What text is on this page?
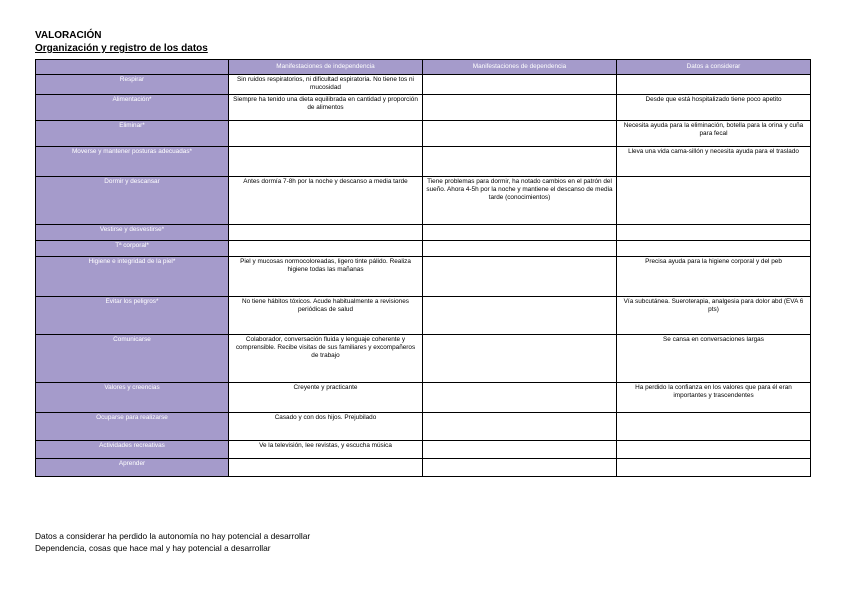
VALORACIÓN
Organización y registro de los datos
	Manifestaciones de independencia	Manifestaciones de dependencia	Datos a considerar
Respirar	Sin ruidos respiratorios, ni dificultad espiratoria. No tiene tos ni mucosidad		
Alimentación*	Siempre ha tenido una dieta equilibrada en cantidad y proporción de alimentos		Desde que está hospitalizado tiene poco apetito
Eliminar*			Necesita ayuda para la eliminación, botella para la orina y cuña para fecal
Moverse y mantener posturas adecuadas*			Lleva una vida cama-sillón y necesita ayuda para el traslado
Dormir y descansar	Antes dormía 7-8h por la noche y descanso a media tarde	Tiene problemas para dormir, ha notado cambios en el patrón del sueño. Ahora 4-5h por la noche y mantiene el descanso de media tarde (conocimientos)	
Vestirse y desvestirse*			
Tª corporal*			
Higiene e integridad de la piel*	Piel y mucosas normocoloreadas, ligero tinte pálido. Realiza higiene todas las mañanas		Precisa ayuda para la higiene corporal y del peb
Evitar los peligros*	No tiene hábitos tóxicos. Acude habitualmente a revisiones periódicas de salud		Vía subcutánea. Sueroterapia, analgesia para dolor abd (EVA 6 pts)
Comunicarse	Colaborador, conversación fluida y lenguaje coherente y comprensible. Recibe visitas de sus familiares y excompañeros de trabajo		Se cansa en conversaciones largas
Valores y creencias	Creyente y practicante		Ha perdido la confianza en los valores que para él eran importantes y trascendentes
Ocuparse para realizarse	Casado y con dos hijos. Prejubilado		
Actividades recreativas	Ve la televisión, lee revistas, y escucha música		
Aprender			
Datos a considerar ha perdido la autonomía no hay potencial a desarrollar
Dependencia, cosas que hace mal y hay potencial a desarrollar
